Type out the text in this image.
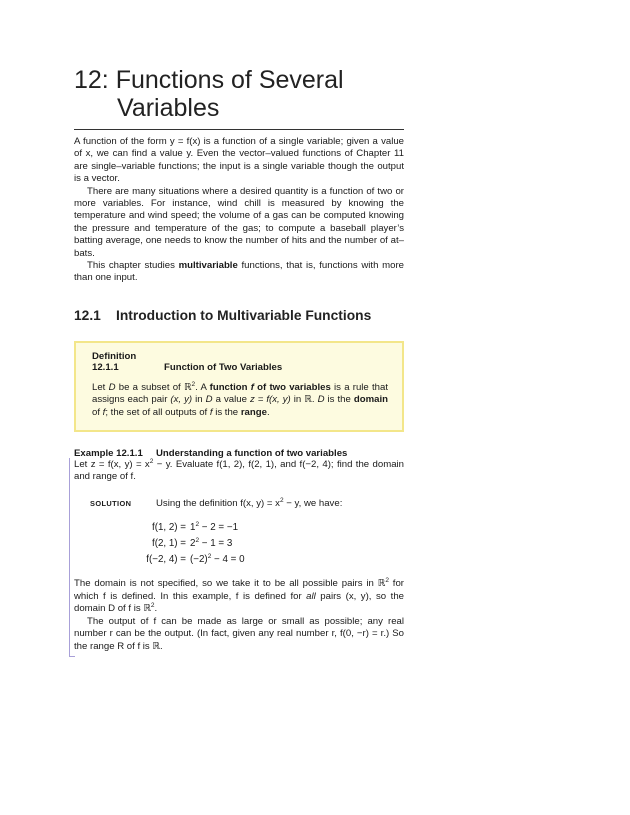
12: Functions of Several
Variables

A function of the form y = f(x) is a function of a single variable; given a value of x, we can find a value y. Even the vector–valued functions of Chapter 11 are single–variable functions; the input is a single variable though the output is a vector.

There are many situations where a desired quantity is a function of two or more variables. For instance, wind chill is measured by knowing the temperature and wind speed; the volume of a gas can be computed knowing the pressure and temperature of the gas; to compute a baseball player’s batting average, one needs to know the number of hits and the number of at–bats.

This chapter studies multivariable functions, that is, functions with more than one input.

12.1 Introduction to Multivariable Functions
Definition 12.1.1	Function of Two Variables

Let D be a subset of ℝ$^2$. A function f of two variables is a rule that assigns each pair (x, y) in D a value z = f(x, y) in ℝ. D is the domain of f; the set of all outputs of f is the range.

Example 12.1.1 Understanding a function of two variables

Let z = f(x, $y) = x^2 - y$. Evaluate f(1, 2), f(2, 1), and f(−2, 4); find the domain and range of f.

SOLUTION	Using the definition f(x, $y) = x^2 - y$, we have:
f(1, $2) = 1^2 - 2 = -1$
f(2, $1) = 2^2 - 1 = 3$
f(−2, $4) = (-2)^2 - 4 = 0$

The domain is not specified, so we take it to be all possible pairs in ℝ$^2$ for which f is defined. In this example, f is defined for all pairs (x, y), so the domain D of f is ℝ$^2$.

The output of f can be made as large or small as possible; any real number r can be the output. (In fact, given any real number r, f(0, −r) = r.) So the range R of f is ℝ.
